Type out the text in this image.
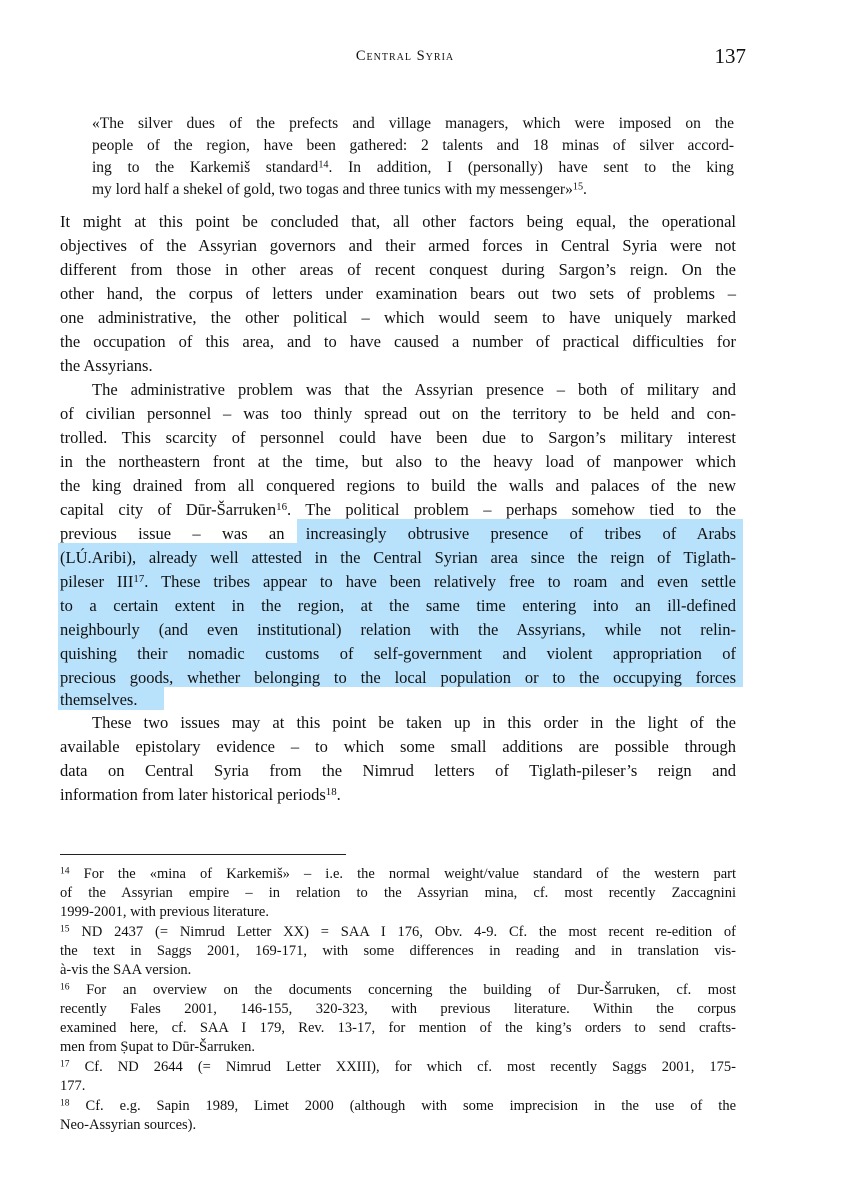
Central Syria	137
«The silver dues of the prefects and village managers, which were imposed on the
people of the region, have been gathered: 2 talents and 18 minas of silver accord-
ing to the Karkemiš standard$^{14}$. In addition, I (personally) have sent to the king
my lord half a shekel of gold, two togas and three tunics with my messenger»$^{15}$.
It might at this point be concluded that, all other factors being equal, the operational
objectives of the Assyrian governors and their armed forces in Central Syria were not
different from those in other areas of recent conquest during Sargon’s reign. On the
other hand, the corpus of letters under examination bears out two sets of problems –
one administrative, the other political – which would seem to have uniquely marked
the occupation of this area, and to have caused a number of practical difficulties for
the Assyrians.
The administrative problem was that the Assyrian presence – both of military and
of civilian personnel – was too thinly spread out on the territory to be held and con-
trolled. This scarcity of personnel could have been due to Sargon’s military interest
in the northeastern front at the time, but also to the heavy load of manpower which
the king drained from all conquered regions to build the walls and palaces of the new
capital city of Dūr-Šarruken$^{16}$. The political problem – perhaps somehow tied to the
previous issue – was an increasingly obtrusive presence of tribes of Arabs
(LÚ.Aribi), already well attested in the Central Syrian area since the reign of Tiglath-
pileser III$^{17}$. These tribes appear to have been relatively free to roam and even settle
to a certain extent in the region, at the same time entering into an ill-defined
neighbourly (and even institutional) relation with the Assyrians, while not relin-
quishing their nomadic customs of self-government and violent appropriation of
precious goods, whether belonging to the local population or to the occupying forces
themselves.
These two issues may at this point be taken up in this order in the light of the
available epistolary evidence – to which some small additions are possible through
data on Central Syria from the Nimrud letters of Tiglath-pileser’s reign and
information from later historical periods$^{18}$.
$^{14}$ For the «mina of Karkemiš» – i.e. the normal weight/value standard of the western part
of the Assyrian empire – in relation to the Assyrian mina, cf. most recently Zaccagnini
1999-2001, with previous literature.
$^{15}$ ND 2437 (= Nimrud Letter XX) = SAA I 176, Obv. 4-9. Cf. the most recent re-edition of
the text in Saggs 2001, 169-171, with some differences in reading and in translation vis-
à-vis the SAA version.
$^{16}$ For an overview on the documents concerning the building of Dur-Šarruken, cf. most
recently Fales 2001, 146-155, 320-323, with previous literature. Within the corpus
examined here, cf. SAA I 179, Rev. 13-17, for mention of the king’s orders to send crafts-
men from Ṣupat to Dūr-Šarruken.
$^{17}$ Cf. ND 2644 (= Nimrud Letter XXIII), for which cf. most recently Saggs 2001, 175-
177.
$^{18}$ Cf. e.g. Sapin 1989, Limet 2000 (although with some imprecision in the use of the
Neo-Assyrian sources).
